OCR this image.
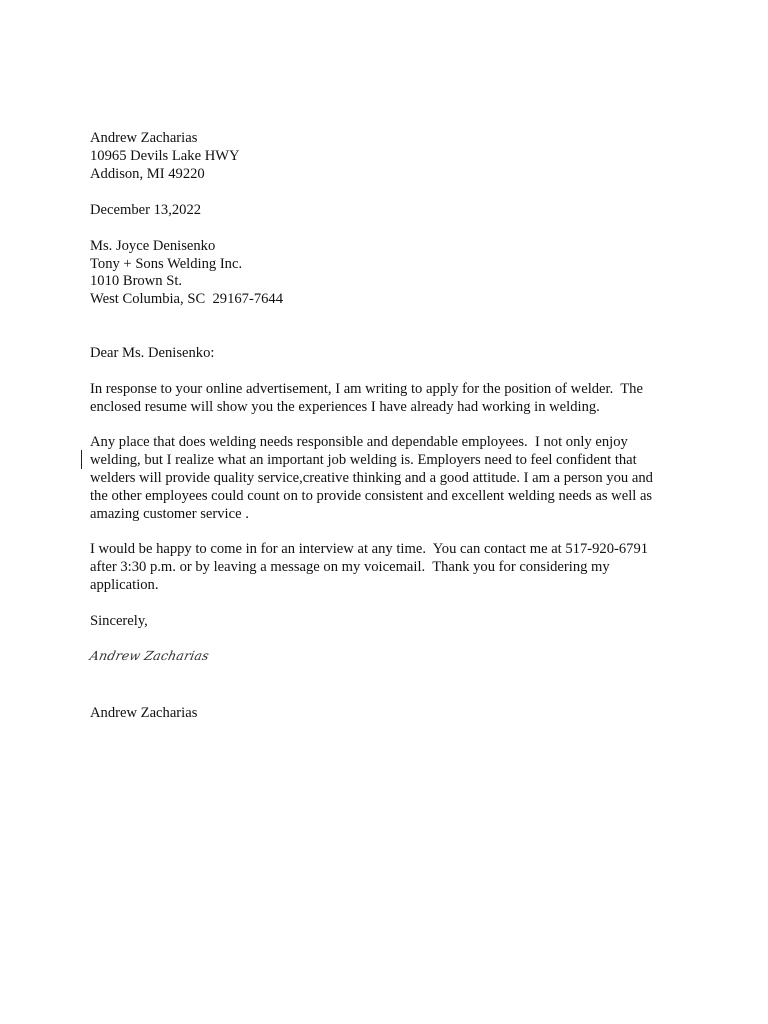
Andrew Zacharias
10965 Devils Lake HWY
Addison, MI 49220
December 13,2022
Ms. Joyce Denisenko
Tony + Sons Welding Inc.
1010 Brown St.
West Columbia, SC  29167-7644
Dear Ms. Denisenko:
In response to your online advertisement, I am writing to apply for the position of welder.  The
enclosed resume will show you the experiences I have already had working in welding.
Any place that does welding needs responsible and dependable employees.  I not only enjoy
welding, but I realize what an important job welding is. Employers need to feel confident that
welders will provide quality service,creative thinking and a good attitude. I am a person you and
the other employees could count on to provide consistent and excellent welding needs as well as
amazing customer service .
I would be happy to come in for an interview at any time.  You can contact me at 517-920-6791
after 3:30 p.m. or by leaving a message on my voicemail.  Thank you for considering my
application.
Sincerely,
Andrew Zacharias
Andrew Zacharias
